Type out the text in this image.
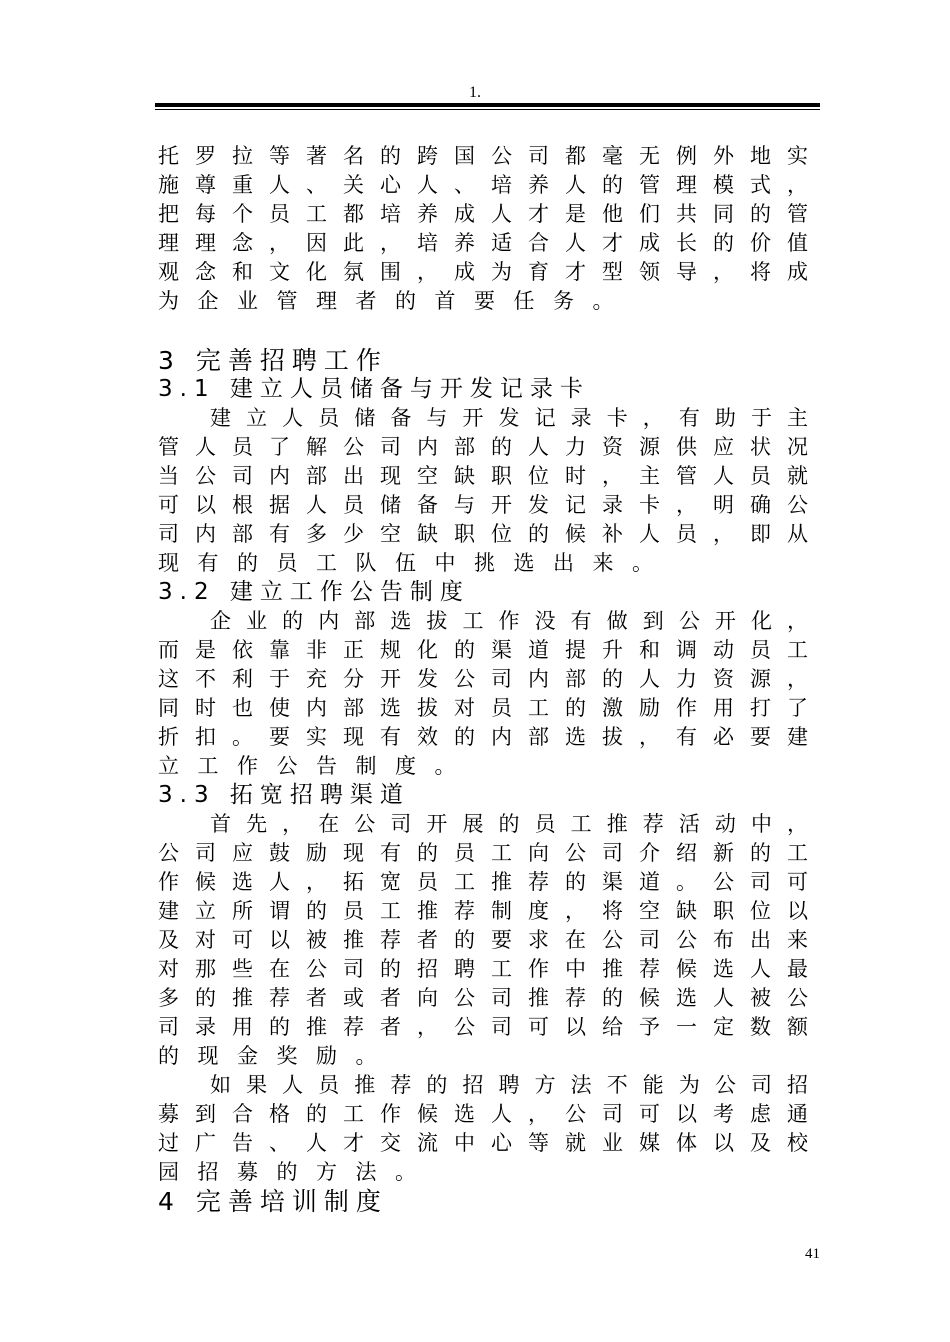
1.
托 罗 拉 等 著 名 的 跨 国 公 司 都 毫 无 例 外 地 实
施 尊 重 人 、 关 心 人 、 培 养 人 的 管 理 模 式 ，
把 每 个 员 工 都 培 养 成 人 才 是 他 们 共 同 的 管
理 理 念 ， 因 此 ， 培 养 适 合 人 才 成 长 的 价 值
观 念 和 文 化 氛 围 ， 成 为 育 才 型 领 导 ， 将 成
为 企 业 管 理 者 的 首 要 任 务 。
3 完善招聘工作
3.1 建立人员储备与开发记录卡
建 立 人 员 储 备 与 开 发 记 录 卡 ， 有 助 于 主
管 人 员 了 解 公 司 内 部 的 人 力 资 源 供 应 状 况
当 公 司 内 部 出 现 空 缺 职 位 时 ， 主 管 人 员 就
可 以 根 据 人 员 储 备 与 开 发 记 录 卡 ， 明 确 公
司 内 部 有 多 少 空 缺 职 位 的 候 补 人 员 ， 即 从
现 有 的 员 工 队 伍 中 挑 选 出 来 。
3.2 建立工作公告制度
企 业 的 内 部 选 拔 工 作 没 有 做 到 公 开 化 ，
而 是 依 靠 非 正 规 化 的 渠 道 提 升 和 调 动 员 工
这 不 利 于 充 分 开 发 公 司 内 部 的 人 力 资 源 ，
同 时 也 使 内 部 选 拔 对 员 工 的 激 励 作 用 打 了
折 扣 。 要 实 现 有 效 的 内 部 选 拔 ， 有 必 要 建
立 工 作 公 告 制 度 。
3.3 拓宽招聘渠道
首 先 ， 在 公 司 开 展 的 员 工 推 荐 活 动 中 ，
公 司 应 鼓 励 现 有 的 员 工 向 公 司 介 绍 新 的 工
作 候 选 人 ， 拓 宽 员 工 推 荐 的 渠 道 。 公 司 可
建 立 所 谓 的 员 工 推 荐 制 度 ， 将 空 缺 职 位 以
及 对 可 以 被 推 荐 者 的 要 求 在 公 司 公 布 出 来
对 那 些 在 公 司 的 招 聘 工 作 中 推 荐 候 选 人 最
多 的 推 荐 者 或 者 向 公 司 推 荐 的 候 选 人 被 公
司 录 用 的 推 荐 者 ， 公 司 可 以 给 予 一 定 数 额
的 现 金 奖 励 。
如 果 人 员 推 荐 的 招 聘 方 法 不 能 为 公 司 招
募 到 合 格 的 工 作 候 选 人 ， 公 司 可 以 考 虑 通
过 广 告 、 人 才 交 流 中 心 等 就 业 媒 体 以 及 校
园 招 募 的 方 法 。
4 完善培训制度
41
